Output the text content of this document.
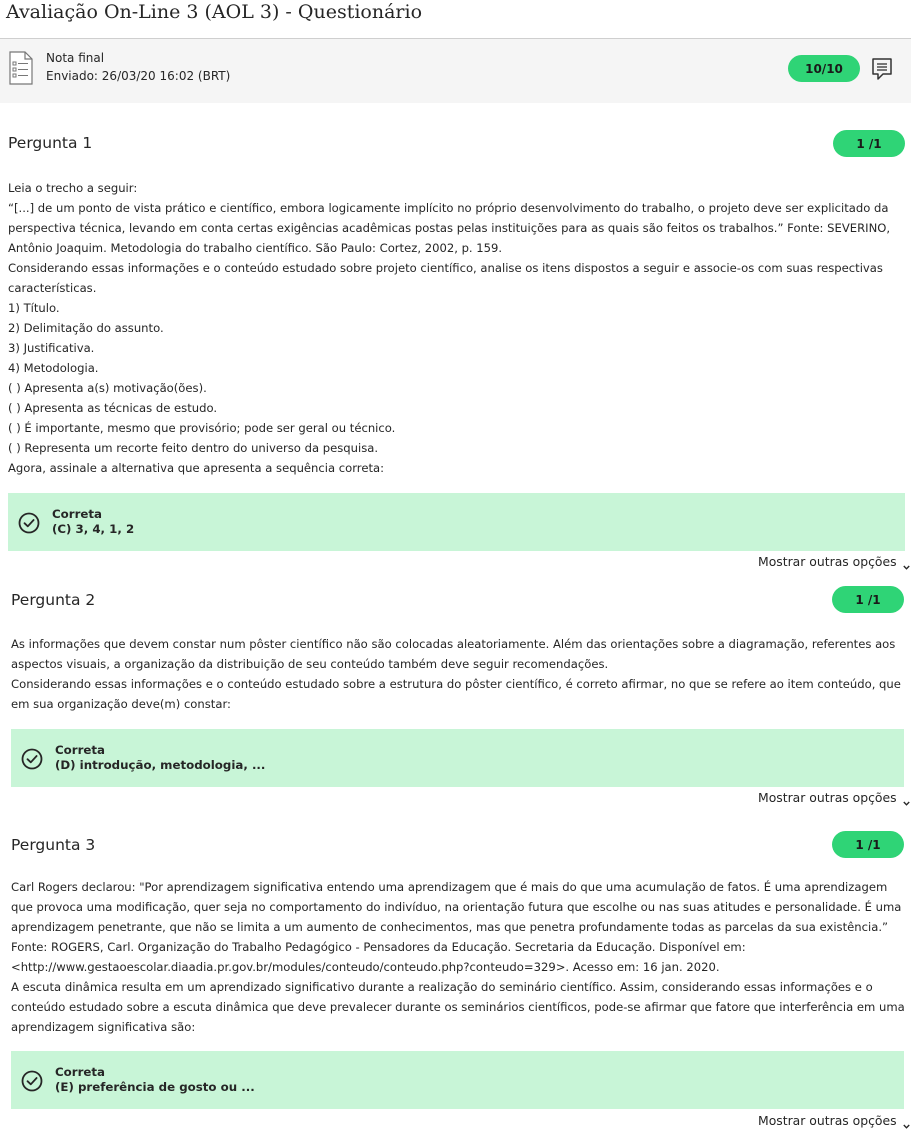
Avaliação On-Line 3 (AOL 3) - Questionário
Nota final
Enviado: 26/03/20 16:02 (BRT)
10/10
Pergunta 1	1 /1

Leia o trecho a seguir:

“[...] de um ponto de vista prático e científico, embora logicamente implícito no próprio desenvolvimento do trabalho, o projeto deve ser explicitado da

perspectiva técnica, levando em conta certas exigências acadêmicas postas pelas instituições para as quais são feitos os trabalhos.” Fonte: SEVERINO,

Antônio Joaquim. Metodologia do trabalho científico. São Paulo: Cortez, 2002, p. 159.

Considerando essas informações e o conteúdo estudado sobre projeto científico, analise os itens dispostos a seguir e associe-os com suas respectivas

características.

1) Título.

2) Delimitação do assunto.

3) Justificativa.

4) Metodologia.

( ) Apresenta a(s) motivação(ões).

( ) Apresenta as técnicas de estudo.

( ) É importante, mesmo que provisório; pode ser geral ou técnico.

( ) Representa um recorte feito dentro do universo da pesquisa.

Agora, assinale a alternativa que apresenta a sequência correta:

Correta
(C) 3, 4, 1, 2
Mostrar outras opções
Pergunta 2	1 /1

As informações que devem constar num pôster científico não são colocadas aleatoriamente. Além das orientações sobre a diagramação, referentes aos

aspectos visuais, a organização da distribuição de seu conteúdo também deve seguir recomendações.

Considerando essas informações e o conteúdo estudado sobre a estrutura do pôster científico, é correto afirmar, no que se refere ao item conteúdo, que

em sua organização deve(m) constar:

Correta
(D) introdução, metodologia, ...
Mostrar outras opções
Pergunta 3	1 /1

Carl Rogers declarou: "Por aprendizagem significativa entendo uma aprendizagem que é mais do que uma acumulação de fatos. É uma aprendizagem

que provoca uma modificação, quer seja no comportamento do indivíduo, na orientação futura que escolhe ou nas suas atitudes e personalidade. É uma

aprendizagem penetrante, que não se limita a um aumento de conhecimentos, mas que penetra profundamente todas as parcelas da sua existência.”

Fonte: ROGERS, Carl. Organização do Trabalho Pedagógico - Pensadores da Educação. Secretaria da Educação. Disponível em:

<http://www.gestaoescolar.diaadia.pr.gov.br/modules/conteudo/conteudo.php?conteudo=329>. Acesso em: 16 jan. 2020.

A escuta dinâmica resulta em um aprendizado significativo durante a realização do seminário científico. Assim, considerando essas informações e o

conteúdo estudado sobre a escuta dinâmica que deve prevalecer durante os seminários científicos, pode-se afirmar que fatore que interferência em uma

aprendizagem significativa são:

Correta
(E) preferência de gosto ou ...
Mostrar outras opções
